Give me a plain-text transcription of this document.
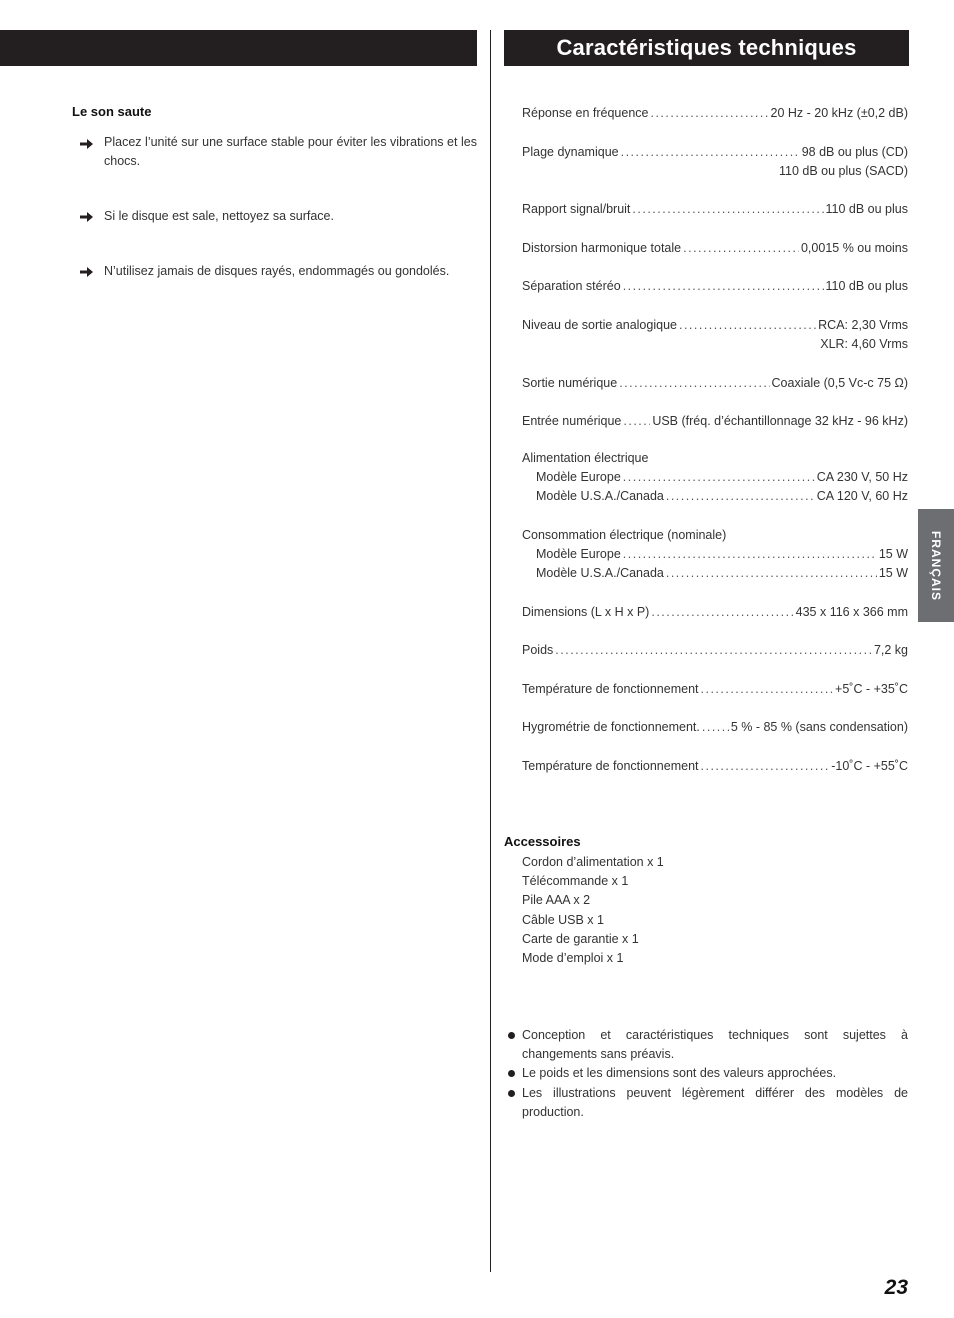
Caractéristiques techniques
Le son saute
Placez l’unité sur une surface stable pour éviter les vibrations et les chocs.
Si le disque est sale, nettoyez sa surface.
N’utilisez jamais de disques rayés, endommagés ou gondolés.
Réponse en fréquence .....	20 Hz - 20 kHz (±0,2 dB)
Plage dynamique .....	98 dB ou plus (CD)
110 dB ou plus (SACD)
Rapport signal/bruit .....	110 dB ou plus
Distorsion harmonique totale .....	0,0015 % ou moins
Séparation stéréo .....	110 dB ou plus
Niveau de sortie analogique .....	RCA: 2,30 Vrms
XLR: 4,60 Vrms
Sortie numérique .....	Coaxiale (0,5 Vc-c 75 Ω)
Entrée numérique ..... USB (fréq. d’échantillonnage 32 kHz - 96 kHz)
Alimentation électrique
Modèle Europe .....	CA 230 V, 50 Hz
Modèle U.S.A./Canada .....	CA 120 V, 60 Hz
Consommation électrique (nominale)
Modèle Europe .....	15 W
Modèle U.S.A./Canada .....	15 W
Dimensions (L x H x P) .....	435 x 116 x 366 mm
Poids .....	7,2 kg
Température de fonctionnement .....	+5˚C - +35˚C
Hygrométrie de fonctionnement. ..... 5 % - 85 % (sans condensation)
Température de fonctionnement .....	-10˚C - +55˚C
Accessoires
Cordon d’alimentation x 1
Télécommande x 1
Pile AAA x 2
Câble USB x 1
Carte de garantie x 1
Mode d’emploi x 1
Conception et caractéristiques techniques sont sujettes à changements sans préavis.
Le poids et les dimensions sont des valeurs approchées.
Les illustrations peuvent légèrement différer des modèles de production.
FRANÇAIS
23
